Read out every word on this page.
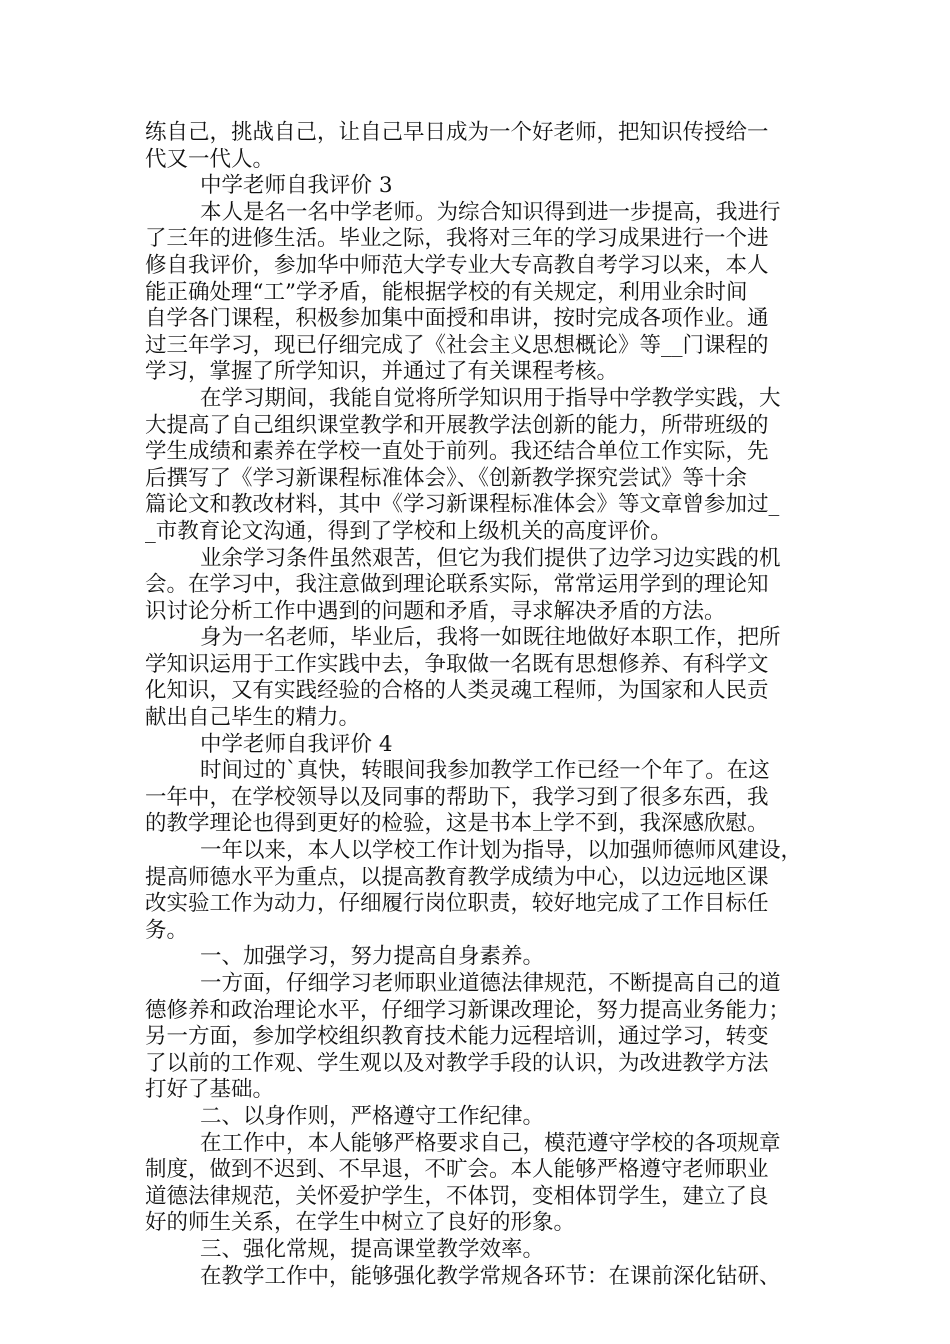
练自己，挑战自己，让自己早日成为一个好老师，把知识传授给一
代又一代人。

中学老师自我评价 3

本人是名一名中学老师。为综合知识得到进一步提高，我进行
了三年的进修生活。毕业之际，我将对三年的学习成果进行一个进
修自我评价，参加华中师范大学专业大专高教自考学习以来，本人
能正确处理“工”学矛盾，能根据学校的有关规定，利用业余时间
自学各门课程，积极参加集中面授和串讲，按时完成各项作业。通
过三年学习，现已仔细完成了《社会主义思想概论》等__门课程的
学习，掌握了所学知识，并通过了有关课程考核。

在学习期间，我能自觉将所学知识用于指导中学教学实践，大
大提高了自己组织课堂教学和开展教学法创新的能力，所带班级的
学生成绩和素养在学校一直处于前列。我还结合单位工作实际，先
后撰写了《学习新课程标准体会》、《创新教学探究尝试》等十余
篇论文和教改材料，其中《学习新课程标准体会》等文章曾参加过_
_市教育论文沟通，得到了学校和上级机关的高度评价。

业余学习条件虽然艰苦，但它为我们提供了边学习边实践的机
会。在学习中，我注意做到理论联系实际，常常运用学到的理论知
识讨论分析工作中遇到的问题和矛盾，寻求解决矛盾的方法。

身为一名老师，毕业后，我将一如既往地做好本职工作，把所
学知识运用于工作实践中去，争取做一名既有思想修养、有科学文
化知识，又有实践经验的合格的人类灵魂工程师，为国家和人民贡
献出自己毕生的精力。

中学老师自我评价 4

时间过的`真快，转眼间我参加教学工作已经一个年了。在这
一年中，在学校领导以及同事的帮助下，我学习到了很多东西，我
的教学理论也得到更好的检验，这是书本上学不到，我深感欣慰。

一年以来，本人以学校工作计划为指导，以加强师德师风建设，
提高师德水平为重点，以提高教育教学成绩为中心，以边远地区课
改实验工作为动力，仔细履行岗位职责，较好地完成了工作目标任
务。

一、加强学习，努力提高自身素养。

一方面，仔细学习老师职业道德法律规范，不断提高自己的道
德修养和政治理论水平，仔细学习新课改理论，努力提高业务能力；
另一方面，参加学校组织教育技术能力远程培训，通过学习，转变
了以前的工作观、学生观以及对教学手段的认识，为改进教学方法
打好了基础。

二、以身作则，严格遵守工作纪律。

在工作中，本人能够严格要求自己，模范遵守学校的各项规章
制度，做到不迟到、不早退，不旷会。本人能够严格遵守老师职业
道德法律规范，关怀爱护学生，不体罚，变相体罚学生，建立了良
好的师生关系，在学生中树立了良好的形象。

三、强化常规，提高课堂教学效率。

在教学工作中，能够强化教学常规各环节：在课前深化钻研、
